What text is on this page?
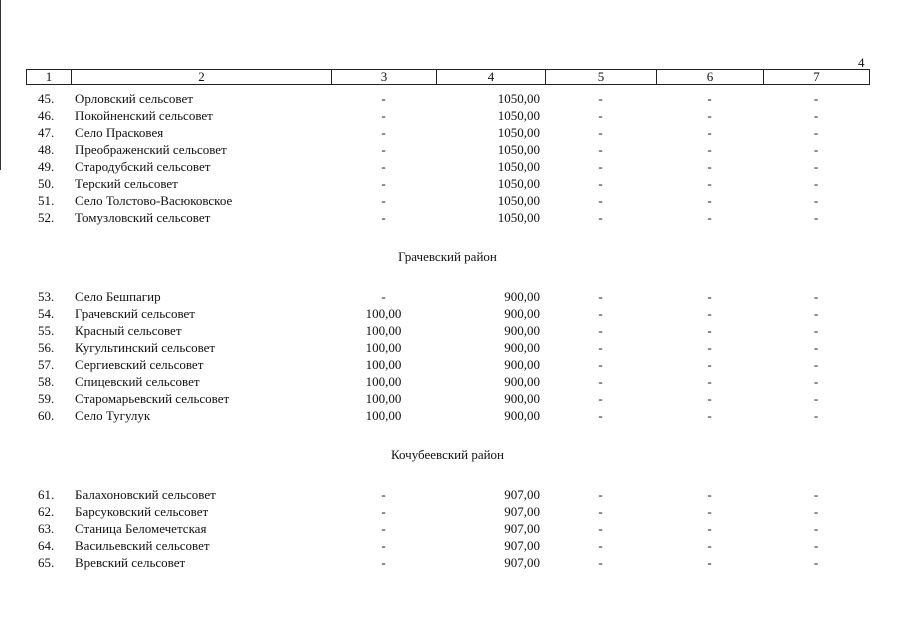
4
1	2	3	4	5	6	7
45. Орловский сельсовет	-	1050,00	-	-	-
46. Покойненский сельсовет	-	1050,00	-	-	-
47. Село Прасковея	-	1050,00	-	-	-
48. Преображенский сельсовет	-	1050,00	-	-	-
49. Стародубский сельсовет	-	1050,00	-	-	-
50. Терский сельсовет	-	1050,00	-	-	-
51. Село Толстово-Васюковское	-	1050,00	-	-	-
52. Томузловский сельсовет	-	1050,00	-	-	-
Грачевский район
53. Село Бешпагир	-	900,00	-	-	-
54. Грачевский сельсовет	100,00	900,00	-	-	-
55. Красный сельсовет	100,00	900,00	-	-	-
56. Кугультинский сельсовет	100,00	900,00	-	-	-
57. Сергиевский сельсовет	100,00	900,00	-	-	-
58. Спицевский сельсовет	100,00	900,00	-	-	-
59. Старомарьевский сельсовет	100,00	900,00	-	-	-
60. Село Тугулук	100,00	900,00	-	-	-
Кочубеевский район
61. Балахоновский сельсовет	-	907,00	-	-	-
62. Барсуковский сельсовет	-	907,00	-	-	-
63. Станица Беломечетская	-	907,00	-	-	-
64. Васильевский сельсовет	-	907,00	-	-	-
65. Вревский сельсовет	-	907,00	-	-	-
